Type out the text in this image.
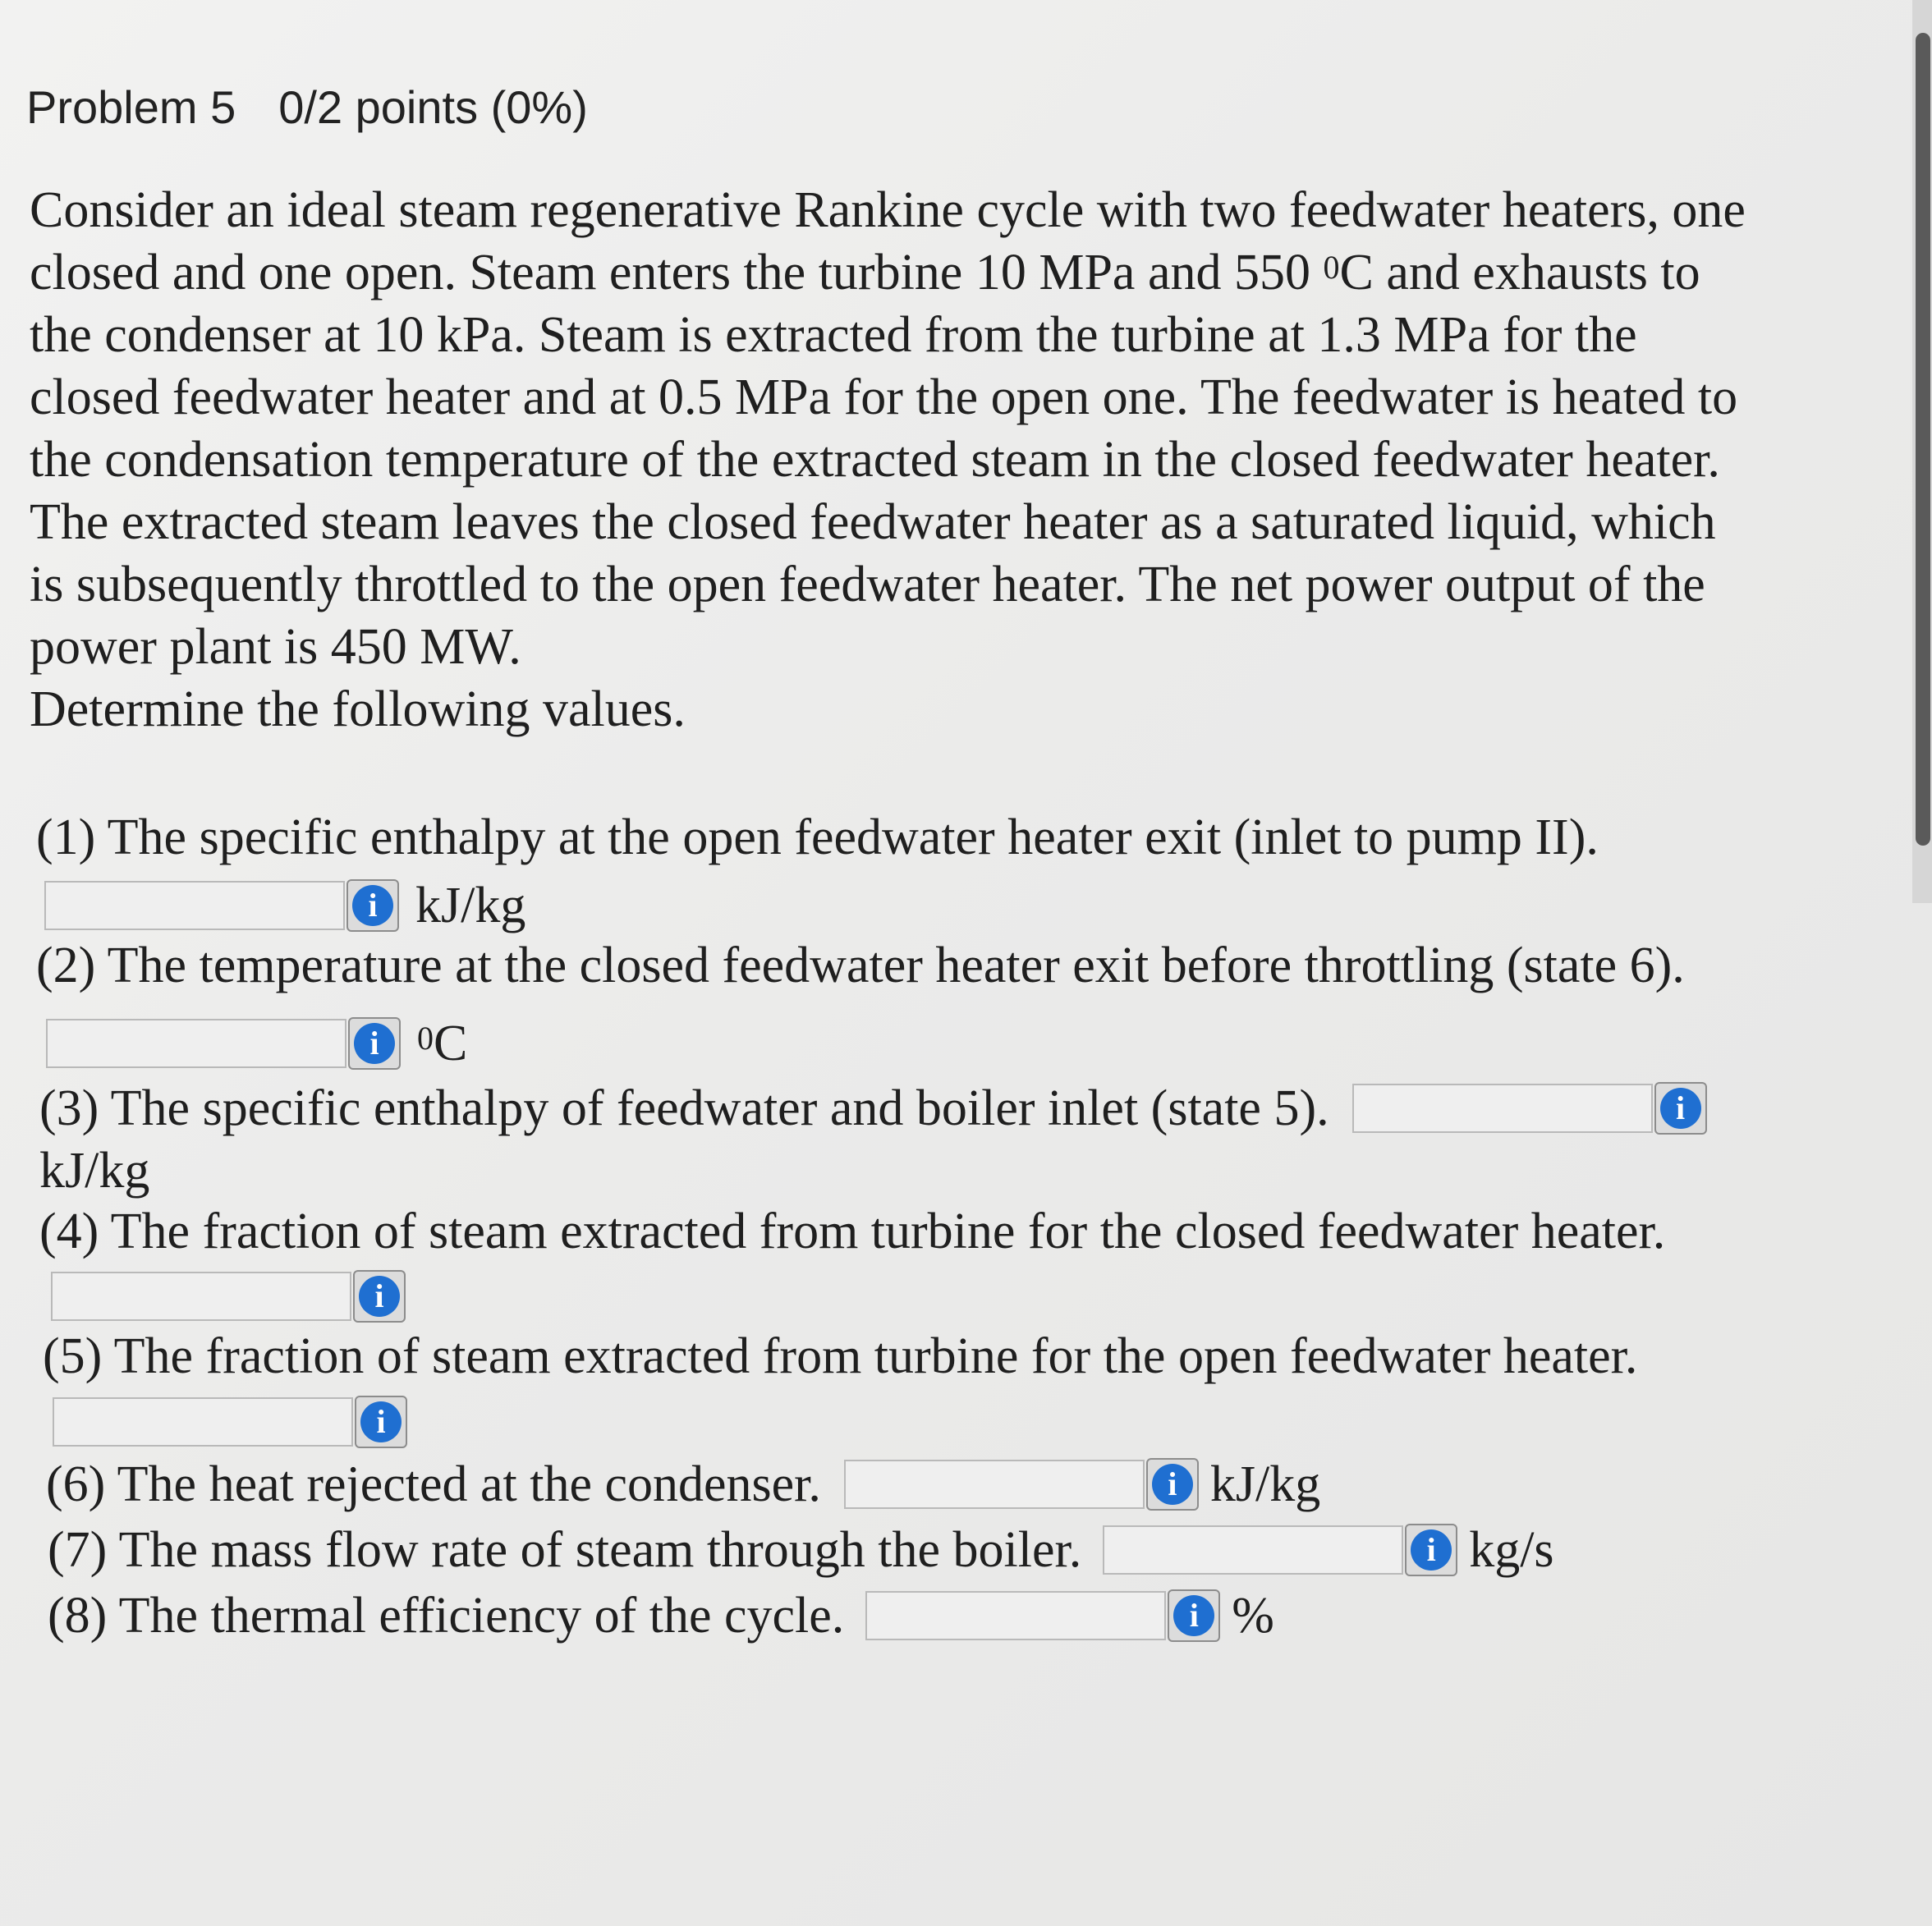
Problem 5 0/2 points (0%)
Consider an ideal steam regenerative Rankine cycle with two feedwater heaters, one
closed and one open. Steam enters the turbine 10 MPa and 550 $^0$C and exhausts to
the condenser at 10 kPa. Steam is extracted from the turbine at 1.3 MPa for the
closed feedwater heater and at 0.5 MPa for the open one. The feedwater is heated to
the condensation temperature of the extracted steam in the closed feedwater heater.
The extracted steam leaves the closed feedwater heater as a saturated liquid, which
is subsequently throttled to the open feedwater heater. The net power output of the
power plant is 450 MW.
Determine the following values.
(1) The specific enthalpy at the open feedwater heater exit (inlet to pump II).
i kJ/kg
(2) The temperature at the closed feedwater heater exit before throttling (state 6).
i	$^0$C
(3) The specific enthalpy of feedwater and boiler inlet (state 5).	i
kJ/kg
(4) The fraction of steam extracted from turbine for the closed feedwater heater.
i
(5) The fraction of steam extracted from turbine for the open feedwater heater.
i
(6) The heat rejected at the condenser.	i kJ/kg
(7) The mass flow rate of steam through the boiler.	i kg/s
(8) The thermal efficiency of the cycle.	i %
